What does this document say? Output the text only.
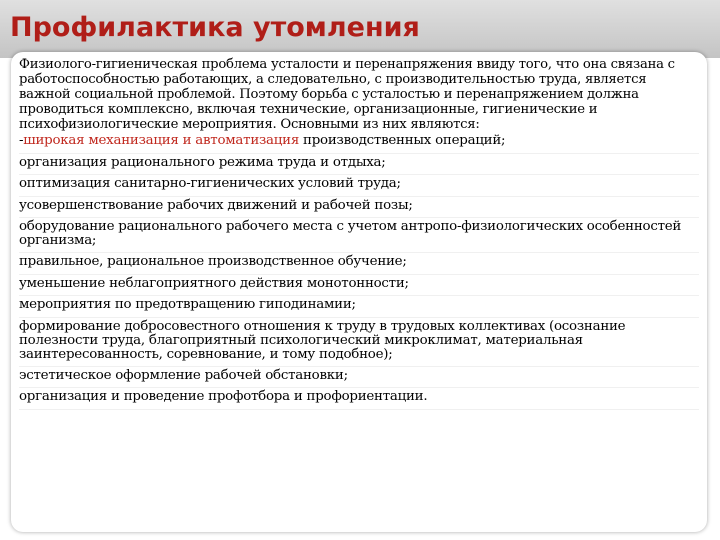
Профилактика утомления

Физиолого-гигиеническая проблема усталости и перенапряжения ввиду того, что она связана с работоспособностью работающих, а следовательно, с производительностью труда, является важной социальной проблемой. Поэтому борьба с усталостью и перенапряжением должна проводиться комплексно, включая технические, организационные, гигиенические и психофизиологические мероприятия. Основными из них являются:

-широкая механизация и автоматизация производственных операций;
организация рационального режима труда и отдыха;
оптимизация санитарно-гигиенических условий труда;
усовершенствование рабочих движений и рабочей позы;
оборудование рационального рабочего места с учетом антропо-физиологических особенностей организма;
правильное, рациональное производственное обучение;
уменьшение неблагоприятного действия монотонности;
мероприятия по предотвращению гиподинамии;
формирование добросовестного отношения к труду в трудовых коллективах (осознание полезности труда, благоприятный психологический микроклимат, материальная заинтересованность, соревнование, и тому подобное);
эстетическое оформление рабочей обстановки;
организация и проведение профотбора и профориентации.
